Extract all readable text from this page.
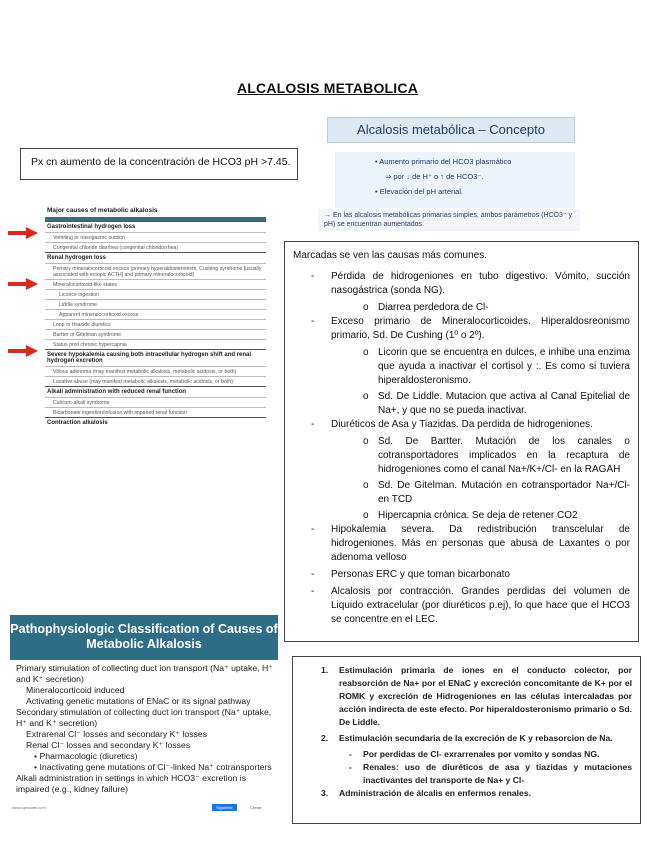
ALCALOSIS METABOLICA
Px cn aumento de la concentración de HCO3 pH >7.45.
Alcalosis metabólica – Concepto
• Aumento primario del HCO3 plasmático
⇒ por ↓ de H⁺ o ↑ de HCO3⁻.
• Elevación del pH arterial.
→ En las alcalosis metabólicas primarias simples, ambos parámetros (HCO3⁻ y pH) se encuentran aumentados.
Major causes of metabolic alkalosis
Gastrointestinal hydrogen loss
Vomiting or nasogastric suction
Congenital chloride diarrhea (congenital chloridorrhea)
Renal hydrogen loss
Primary mineralocorticoid excess (primary hyperaldosteronism, Cushing syndrome [usually associated with ectopic ACTH] and primary mineralocorticoid)
Mineralocorticoid-like states
Licorice ingestion
Liddle syndrome
Apparent mineralocorticoid excess
Loop or thiazide diuretics
Bartter or Gitelman syndrome
Status post chronic hypercapnia
Severe hypokalemia causing both intracellular hydrogen shift and renal hydrogen excretion
Villous adenoma (may manifest metabolic alkalosis, metabolic acidosis, or both)
Laxative abuse (may manifest metabolic alkalosis, metabolic acidosis, or both)
Alkali administration with reduced renal function
Calcium-alkali syndrome
Bicarbonate ingestion/infusion with impaired renal function
Contraction alkalosis
Marcadas se ven las causas más comunes.
- Pérdida de hidrogeniones en tubo digestivo. Vómito, succión nasogástrica (sonda NG).
o Diarrea perdedora de Cl-
- Exceso primario de Mineralocorticoides. Hiperaldosreonismo primario, Sd. De Cushing (1º o 2º).
o Licorin que se encuentra en dulces, e inhibe una enzima que ayuda a inactivar el cortisol y :. Es como si tuviera hiperaldosteronismo.
o Sd. De Liddle. Mutacion que activa al Canal Epitelial de Na+, y que no se pueda inactivar.
- Diuréticos de Asa y Tiazidas. Da perdida de hidrogeniones.
o Sd. De Bartter. Mutación de los canales o cotransportadores implicados en la recaptura de hidrogeniones como el canal Na+/K+/Cl- en la RAGAH
o Sd. De Gitelman. Mutación en cotransportador Na+/Cl- en TCD
o Hipercapnia crónica. Se deja de retener CO2
- Hipokalemia severa. Da redistribución transcelular de hidrogeniones. Más en personas que abusa de Laxantes o por adenoma velloso
- Personas ERC y que toman bicarbonato
- Alcalosis por contracción. Grandes perdidas del volumen de Liquido extracelular (por diuréticos p.ej), lo que hace que el HCO3 se concentre en el LEC.
Pathophysiologic Classification of Causes of Metabolic Alkalosis
Primary stimulation of collecting duct ion transport (Na⁺ uptake, H⁺ and K⁺ secretion)
Mineralocorticoid induced
Activating genetic mutations of ENaC or its signal pathway
Secondary stimulation of collecting duct ion transport (Na⁺ uptake, H⁺ and K⁺ secretion)
Extrarenal Cl⁻ losses and secondary K⁺ losses
Renal Cl⁻ losses and secondary K⁺ losses
• Pharmacologic (diuretics)
• Inactivating gene mutations of Cl⁻-linked Na⁺ cotransporters
Alkali administration in settings in which HCO3⁻ excretion is impaired (e.g., kidney failure)
www.uptodate.com	Siguiente	Cerrar
1. Estimulación primaria de iones en el conducto colector, por reabsorción de Na+ por el ENaC y excreción concomitante de K+ por el ROMK y excreción de Hidrogeniones en las células intercaladas por acción indirecta de este efecto. Por hiperaldosteronismo primario o Sd. De Liddle.
2. Estimulación secundaria de la excreción de K y rebasorcion de Na.
- Por perdidas de Cl- exrarrenales por vomito y sondas NG.
- Renales: uso de diuréticos de asa y tiazidas y mutaciones inactivantes del transporte de Na+ y Cl-
3. Administración de álcalis en enfermos renales.
